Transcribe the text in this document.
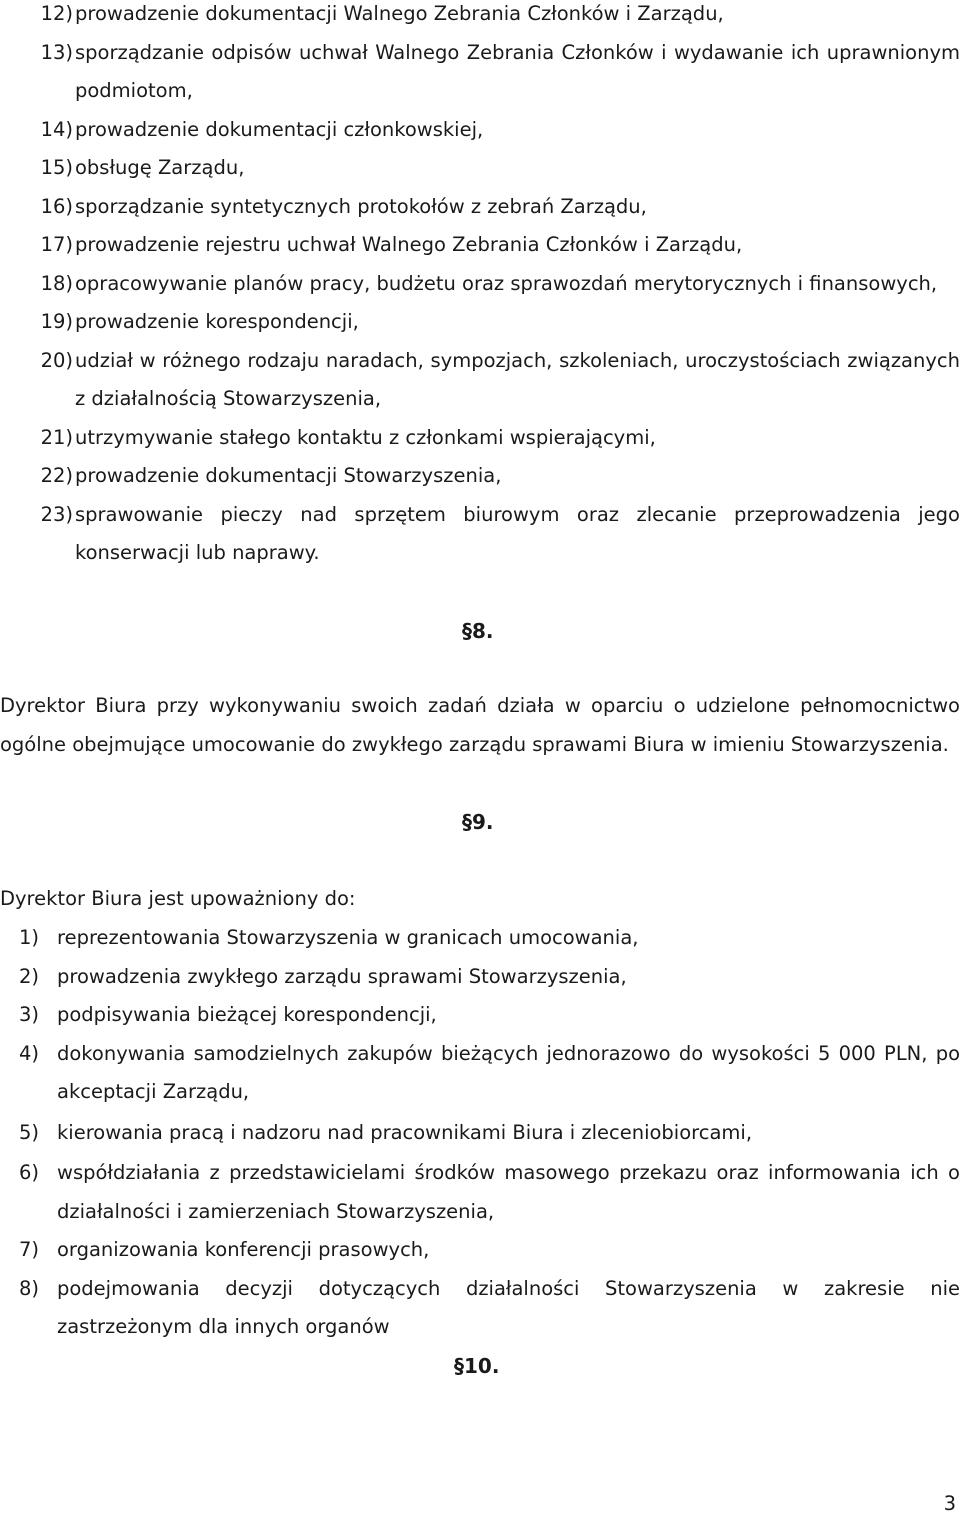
12) prowadzenie dokumentacji Walnego Zebrania Członków i Zarządu,
13) sporządzanie odpisów uchwał Walnego Zebrania Członków i wydawanie ich uprawnionym podmiotom,
14) prowadzenie dokumentacji członkowskiej,
15) obsługę Zarządu,
16) sporządzanie syntetycznych protokołów z zebrań Zarządu,
17) prowadzenie rejestru uchwał Walnego Zebrania Członków i Zarządu,
18) opracowywanie planów pracy, budżetu oraz sprawozdań merytorycznych i finansowych,
19) prowadzenie korespondencji,
20) udział w różnego rodzaju naradach, sympozjach, szkoleniach, uroczystościach związanych z działalnością Stowarzyszenia,
21) utrzymywanie stałego kontaktu z członkami wspierającymi,
22) prowadzenie dokumentacji Stowarzyszenia,
23) sprawowanie pieczy nad sprzętem biurowym oraz zlecanie przeprowadzenia jego konserwacji lub naprawy.
§8.
Dyrektor Biura przy wykonywaniu swoich zadań działa w oparciu o udzielone pełnomocnictwo ogólne obejmujące umocowanie do zwykłego zarządu sprawami Biura w imieniu Stowarzyszenia.
§9.
Dyrektor Biura jest upoważniony do:
1) reprezentowania Stowarzyszenia w granicach umocowania,
2) prowadzenia zwykłego zarządu sprawami Stowarzyszenia,
3) podpisywania bieżącej korespondencji,
4) dokonywania samodzielnych zakupów bieżących jednorazowo do wysokości 5 000 PLN, po akceptacji Zarządu,
5) kierowania pracą i nadzoru nad pracownikami Biura i zleceniobiorcami,
6) współdziałania z przedstawicielami środków masowego przekazu oraz informowania ich o działalności i zamierzeniach Stowarzyszenia,
7) organizowania konferencji prasowych,
8) podejmowania decyzji dotyczących działalności Stowarzyszenia w zakresie nie zastrzeżonym dla innych organów
§10.
3
